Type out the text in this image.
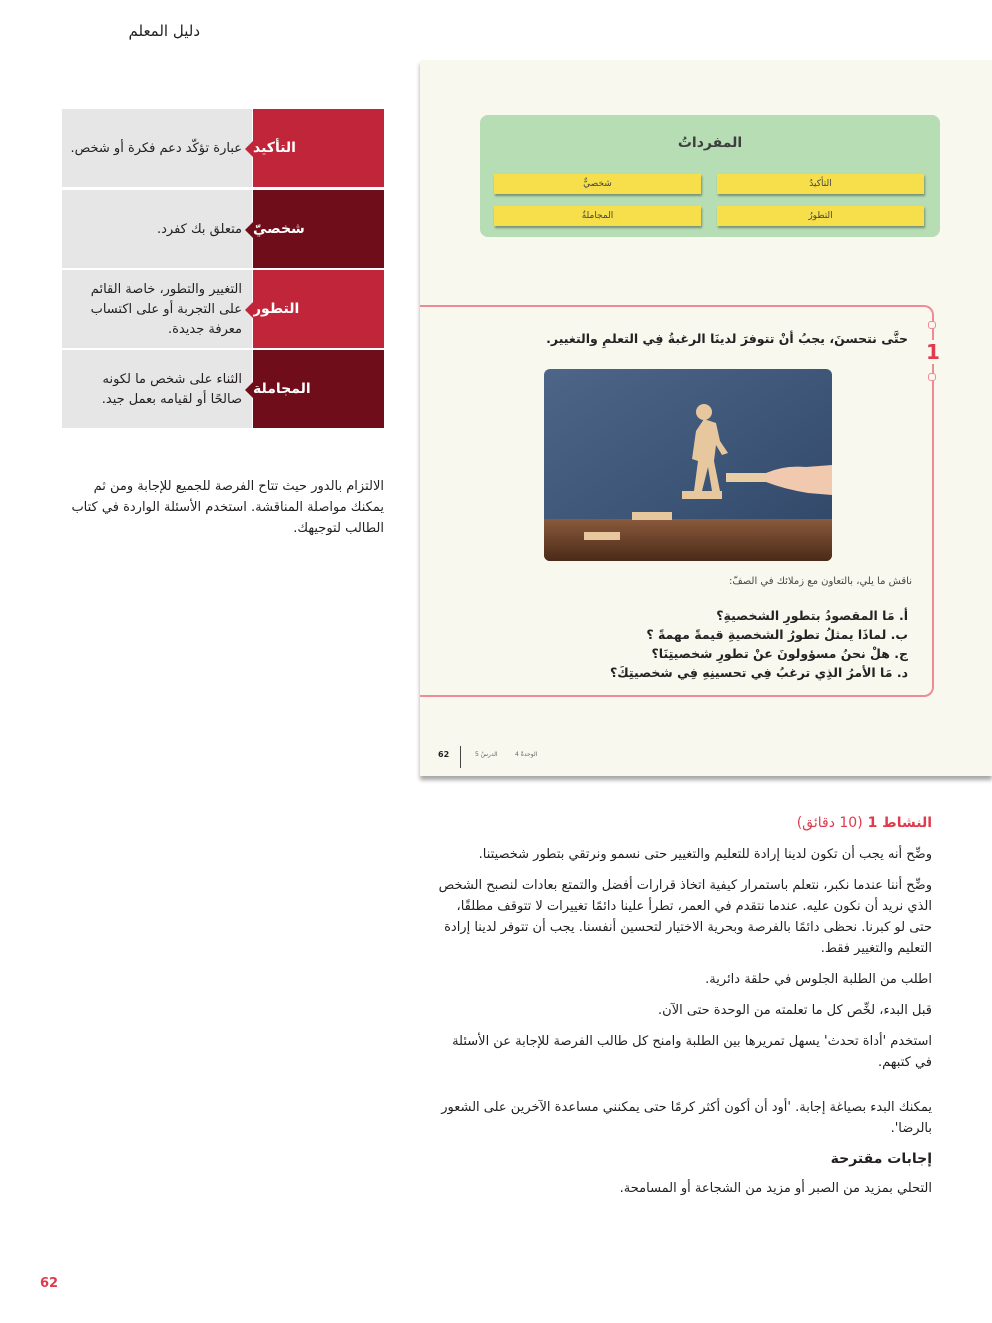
دليل المعلم
عبارة تؤكّد دعم فكرة أو شخص. التأكيد
متعلق بك كفرد. شخصيّ
التغيير والتطور، خاصة القائم على التجربة أو على اكتساب معرفة جديدة.
التطور
الثناء على شخص ما لكونه صالحًا أو لقيامه بعمل جيد.
المجاملة
الالتزام بالدور حيث تتاح الفرصة للجميع للإجابة ومن ثم يمكنك مواصلة المناقشة. استخدم الأسئلة الواردة في كتاب الطالب لتوجيهك.
المفرداتُ
التأكيدُ
شخصيٌّ
التطورُ
المجاملةُ
1
حتَّى نتحسنَ، يجبُ أنْ تتوفرَ لدينَا الرغبةُ فِي التعلمِ والتغيير.
ناقش ما يلي، بالتعاون مع زملائك في الصفّ:
أ. مَا المقصودُ بتطورِ الشخصيةِ؟
ب. لماذَا يمثلُ تطورُ الشخصيةِ قيمةً مهمةً ؟
ج. هلْ نحنُ مسؤولونَ عنْ تطورِ شخصيتِنَا؟
د. مَا الأمرُ الذِي ترغبُ فِي تحسينِهِ فِي شخصيتِكَ؟
62	الدرسُ 5	الوحدةُ 4
النشاط 1 (10 دقائق)

وضِّح أنه يجب أن تكون لدينا إرادة للتعليم والتغيير حتى نسمو ونرتقي بتطور شخصيتنا.

وضِّح أننا عندما نكبر، نتعلم باستمرار كيفية اتخاذ قرارات أفضل والتمتع بعادات لنصبح الشخص الذي نريد أن نكون عليه. عندما نتقدم في العمر، تطرأ علينا دائمًا تغييرات لا تتوقف مطلقًا، حتى لو كبرنا. نحظى دائمًا بالفرصة وبحرية الاختيار لتحسين أنفسنا. يجب أن تتوفر لدينا إرادة التعليم والتغيير فقط.

اطلب من الطلبة الجلوس في حلقة دائرية.

قبل البدء، لخِّص كل ما تعلمته من الوحدة حتى الآن.

استخدم 'أداة تحدث' يسهل تمريرها بين الطلبة وامنح كل طالب الفرصة للإجابة عن الأسئلة في كتبهم.

يمكنك البدء بصياغة إجابة. 'أود أن أكون أكثر كرمًا حتى يمكنني مساعدة الآخرين على الشعور بالرضا'.

إجابات مقترحة

التحلي بمزيد من الصبر أو مزيد من الشجاعة أو المسامحة.

62
